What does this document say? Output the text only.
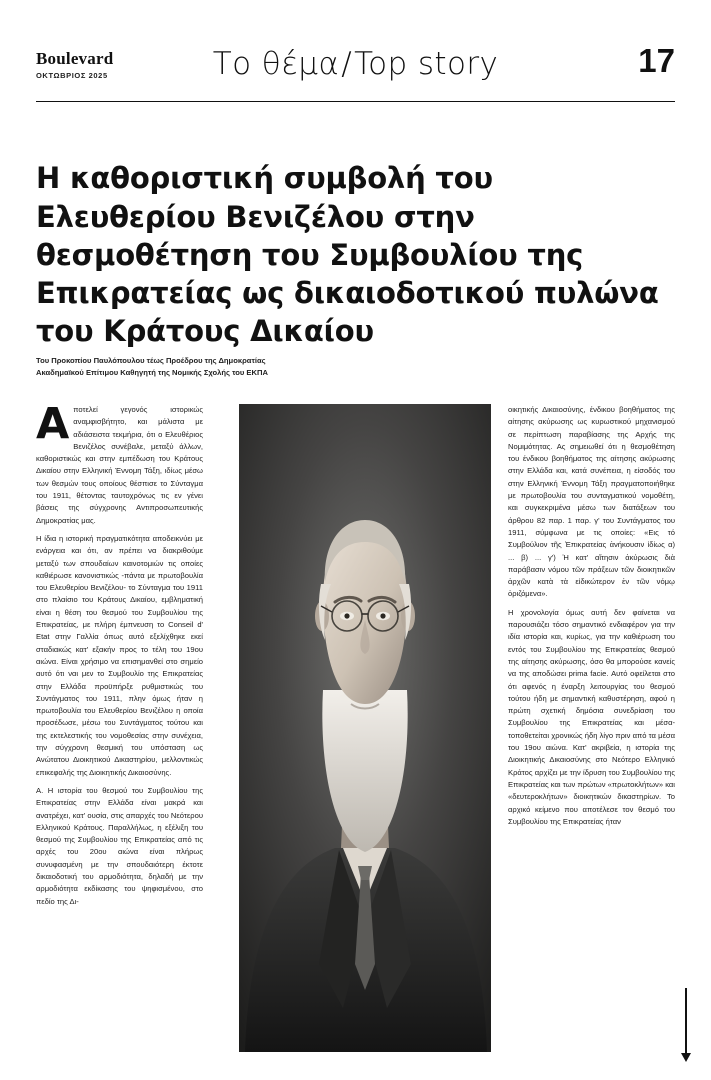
Boulevard
ΟΚΤΩΒΡΙΟΣ 2025	Το θέμα/Top story	17
Η καθοριστική συμβολή του Ελευθερίου Βενιζέλου στην θεσμοθέτηση του Συμβουλίου της Επικρατείας ως δικαιοδοτικού πυλώνα του Κράτους Δικαίου
Του Προκοπίου Παυλόπουλου τέως Προέδρου της Δημοκρατίας
Ακαδημαϊκού Επίτιμου Καθηγητή της Νομικής Σχολής του ΕΚΠΑ

Αποτελεί γεγονός ιστορικώς αναμφισβήτητο, και μάλιστα με αδιάσειστα τεκμήρια, ότι ο Ελευθέριος Βενιζέλος συνέβαλε, μεταξύ άλλων, καθοριστικώς και στην εμπέδωση του Κράτους Δικαίου στην Ελληνική Έννομη Τάξη, ιδίως μέσω των θεσμών τους οποίους θέσπισε το Σύνταγμα του 1911, θέτοντας ταυτοχρόνως τις εν γένει βάσεις της σύγχρονης Αντιπροσωπευτικής Δημοκρατίας μας.

Η ίδια η ιστορική πραγματικότητα αποδεικνύει με ενάργεια και ότι, αν πρέπει να διακριθούμε μεταξύ των σπουδαίων καινοτομιών τις οποίες καθιέρωσε κανονιστικώς -πάντα με πρωτοβουλία του Ελευθερίου Βενιζέλου- το Σύνταγμα του 1911 στο πλαίσιο του Κράτους Δικαίου, εμβληματική είναι η θέση του θεσμού του Συμβουλίου της Επικρατείας, με πλήρη έμπνευση το Conseil d' Etat στην Γαλλία όπως αυτό εξελίχθηκε εκεί σταδιακώς κατ' εξακήν προς το τέλη του 19ου αιώνα. Είναι χρήσιμο να επισημανθεί στο σημείο αυτό ότι ναι μεν το Συμβουλίο της Επικρατείας στην Ελλάδα προϋπήρξε ρυθμιστικώς του Συντάγματος του 1911, πλην όμως ήταν η πρωτοβουλία του Ελευθερίου Βενιζέλου η οποία προσέδωσε, μέσω του Συντάγματος τούτου και της εκτελεστικής του νομοθεσίας στην συνέχεια, την σύγχρονη θεσμική του υπόσταση ως Ανώτατου Διοικητικού Δικαστηρίου, μελλοντικώς επικεφαλής της Διοικητικής Δικαιοσύνης.

Α. Η ιστορία του θεσμού του Συμβουλίου της Επικρατείας στην Ελλάδα είναι μακρά και ανατρέχει, κατ' ουσία, στις απαρχές του Νεότερου Ελληνικού Κράτους. Παραλλήλως, η εξέλιξη του θεσμού της Συμβουλίου της Επικρατείας από τις αρχές του 20ου αιώνα είναι πλήρως συνυφασμένη με την σπουδαιότερη έκτοτε δικαιοδοτική του αρμοδιότητα, δηλαδή με την αρμοδιότητα εκδίκασης του ψηφισμένου, στο πεδίο της Δι-

οικητικής Δικαιοσύνης, ένδικου βοηθήματος της αίτησης ακύρωσης ως κυρωστικού μηχανισμού σε περίπτωση παραβίασης της Αρχής της Νομιμότητας. Ας σημειωθεί ότι η θεσμοθέτηση του ένδικου βοηθήματος της αίτησης ακύρωσης στην Ελλάδα και, κατά συνέπεια, η είσοδός του στην Ελληνική Έννομη Τάξη πραγματοποιήθηκε με πρωτοβουλία του συνταγματικού νομοθέτη, και συγκεκριμένα μέσω των διατάξεων του άρθρου 82 παρ. 1 παρ. γ' του Συντάγματος του 1911, σύμφωνα με τις οποίες: «Εις τό Συμβούλιον τῆς Ἐπικρατείας ἀνήκουσιν ἰδίως α) ... β) ... γ') Ἡ κατ' αἴτησιν ἀκύρωσις διὰ παράβασιν νόμου τῶν πράξεων τῶν διοικητικῶν ἀρχῶν κατὰ τὰ εἰδικώτερον ἐν τῶν νόμῳ ὁριζόμενα».

Η χρονολογία όμως αυτή δεν φαίνεται να παρουσιάζει τόσο σημαντικό ενδιαφέρον για την ιδία ιστορία και, κυρίως, για την καθιέρωση του εντός του Συμβουλίου της Επικρατείας θεσμού της αίτησης ακύρωσης, όσο θα μπορούσε κανείς να της αποδώσει prima facie. Αυτό οφείλεται στο ότι αφενός η έναρξη λειτουργίας του θεσμού τούτου ήδη με σημαντική καθυστέρηση, αφού η πρώτη σχετική δημόσια συνεδρίαση του Συμβουλίου της Επικρατείας και μέσα- τοποθετείται χρονικώς ήδη λίγο πριν από τα μέσα του 19ου αιώνα. Κατ' ακριβεία, η ιστορία της Διοικητικής Δικαιοσύνης στο Νεότερο Ελληνικό Κράτος αρχίζει με την ίδρυση του Συμβουλίου της Επικρατείας και των πρώτων «πρωτοκλήτων» και «δευτεροκλήτων» διοικητικών δικαστηρίων. Το αρχικό κείμενο που αποτέλεσε τον θεσμό του Συμβουλίου της Επικρατείας ήταν
